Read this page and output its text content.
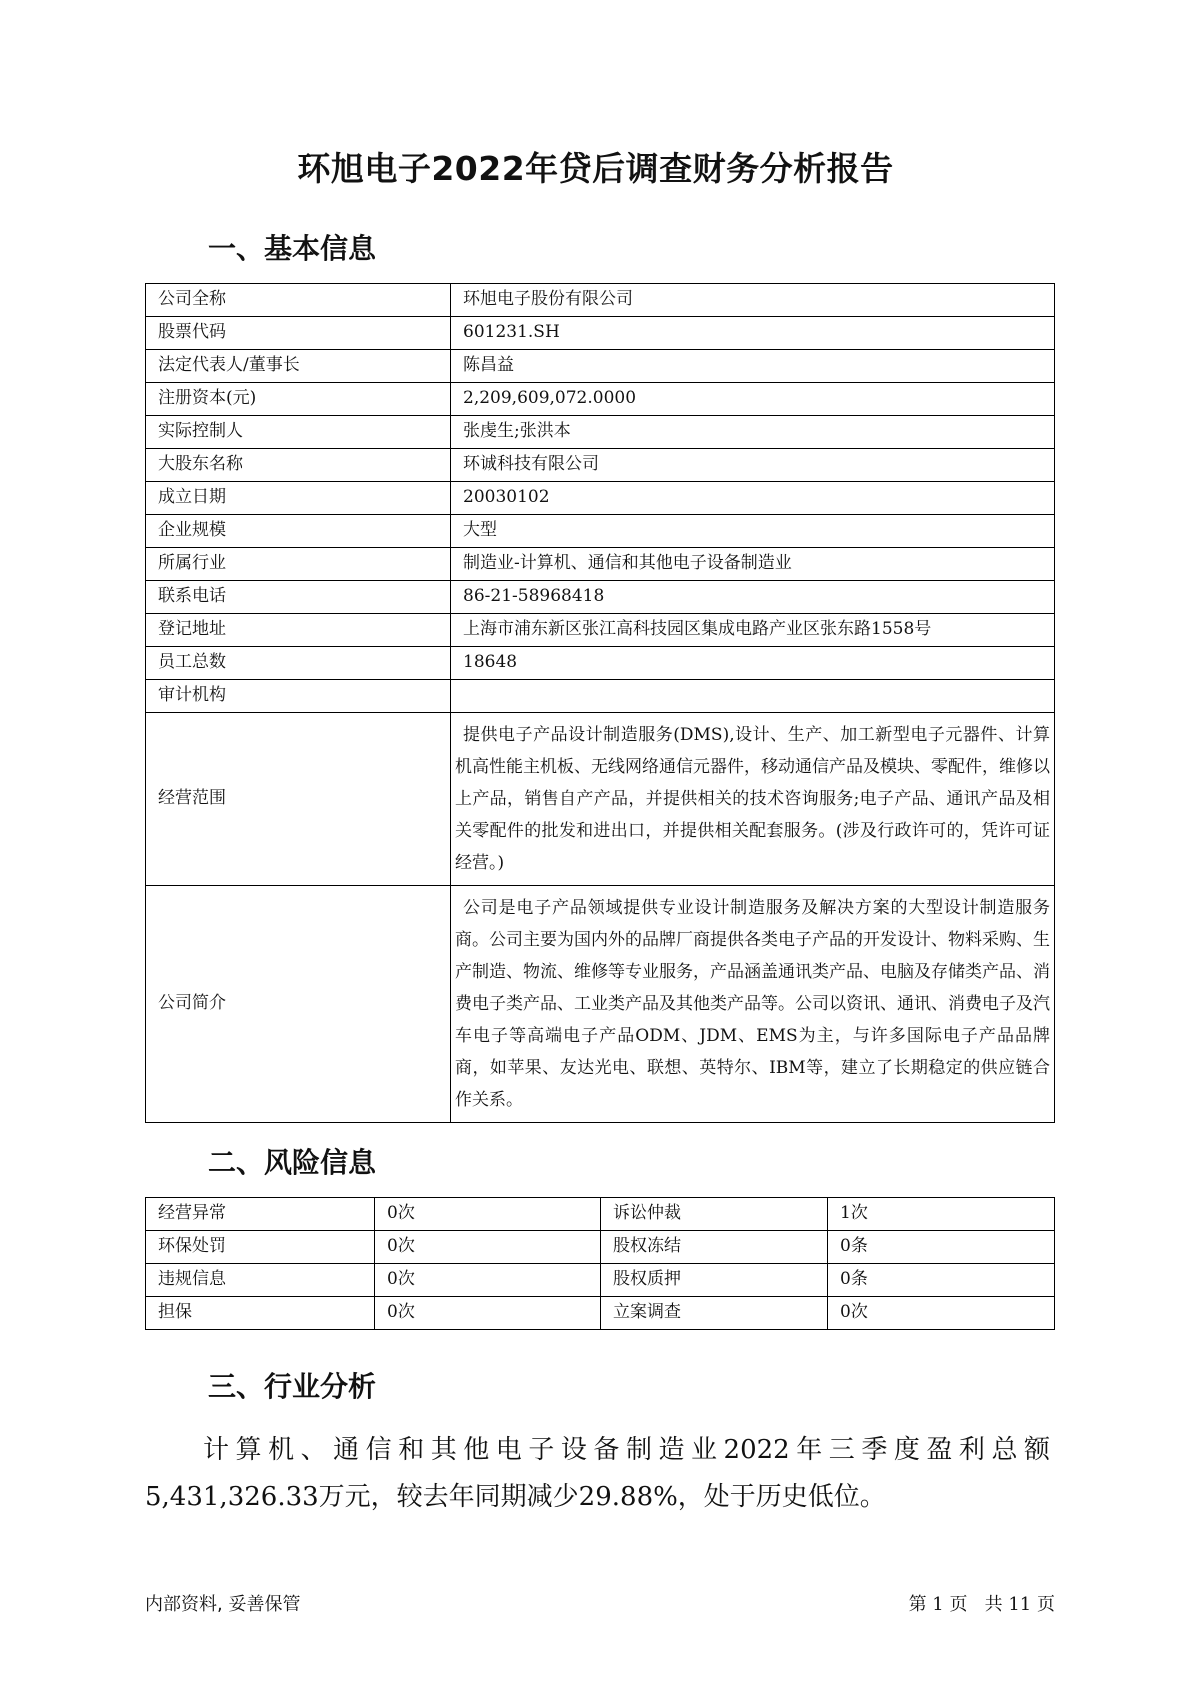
环旭电子2022年贷后调查财务分析报告
一、基本信息
公司全称	环旭电子股份有限公司
股票代码	601231.SH
法定代表人/董事长	陈昌益
注册资本(元)	2,209,609,072.0000
实际控制人	张虔生;张洪本
大股东名称	环诚科技有限公司
成立日期	20030102
企业规模	大型
所属行业	制造业-计算机、通信和其他电子设备制造业
联系电话	86-21-58968418
登记地址	上海市浦东新区张江高科技园区集成电路产业区张东路1558号
员工总数	18648
审计机构	
经营范围	提供电子产品设计制造服务(DMS),设计、生产、加工新型电子元器件、计算机高性能主机板、无线网络通信元器件，移动通信产品及模块、零配件，维修以上产品，销售自产产品，并提供相关的技术咨询服务;电子产品、通讯产品及相关零配件的批发和进出口，并提供相关配套服务。(涉及行政许可的，凭许可证经营。)
公司简介	公司是电子产品领域提供专业设计制造服务及解决方案的大型设计制造服务商。公司主要为国内外的品牌厂商提供各类电子产品的开发设计、物料采购、生产制造、物流、维修等专业服务，产品涵盖通讯类产品、电脑及存储类产品、消费电子类产品、工业类产品及其他类产品等。公司以资讯、通讯、消费电子及汽车电子等高端电子产品ODM、JDM、EMS为主，与许多国际电子产品品牌商，如苹果、友达光电、联想、英特尔、IBM等，建立了长期稳定的供应链合作关系。
二、风险信息
经营异常	0次	诉讼仲裁	1次
环保处罚	0次	股权冻结	0条
违规信息	0次	股权质押	0条
担保	0次	立案调查	0次
三、行业分析

计算机、通信和其他电子设备制造业2022年三季度盈利总额5,431,326.33万元，较去年同期减少29.88%，处于历史低位。

内部资料, 妥善保管	第 1 页   共 11 页
